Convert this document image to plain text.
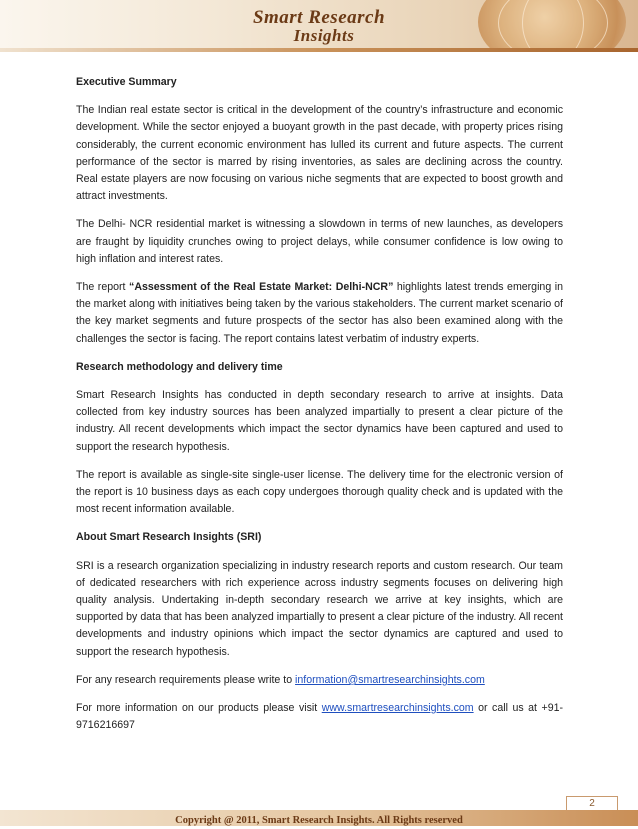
Smart Research
Insights

Executive Summary

The Indian real estate sector is critical in the development of the country’s infrastructure and economic development. While the sector enjoyed a buoyant growth in the past decade, with property prices rising considerably, the current economic environment has lulled its current and future aspects. The current performance of the sector is marred by rising inventories, as sales are declining across the country. Real estate players are now focusing on various niche segments that are expected to boost growth and attract investments.

The Delhi- NCR residential market is witnessing a slowdown in terms of new launches, as developers are fraught by liquidity crunches owing to project delays, while consumer confidence is low owing to high inflation and interest rates.

The report “Assessment of the Real Estate Market: Delhi-NCR” highlights latest trends emerging in the market along with initiatives being taken by the various stakeholders. The current market scenario of the key market segments and future prospects of the sector has also been examined along with the challenges the sector is facing. The report contains latest verbatim of industry experts.

Research methodology and delivery time

Smart Research Insights has conducted in depth secondary research to arrive at insights. Data collected from key industry sources has been analyzed impartially to present a clear picture of the industry. All recent developments which impact the sector dynamics have been captured and used to support the research hypothesis.

The report is available as single-site single-user license. The delivery time for the electronic version of the report is 10 business days as each copy undergoes thorough quality check and is updated with the most recent information available.

About Smart Research Insights (SRI)

SRI is a research organization specializing in industry research reports and custom research. Our team of dedicated researchers with rich experience across industry segments focuses on delivering high quality analysis. Undertaking in-depth secondary research we arrive at key insights, which are supported by data that has been analyzed impartially to present a clear picture of the industry. All recent developments and industry opinions which impact the sector dynamics are captured and used to support the research hypothesis.

For any research requirements please write to information@smartresearchinsights.com

For more information on our products please visit www.smartresearchinsights.com or call us at +91-9716216697

2
Copyright @ 2011, Smart Research Insights. All Rights reserved
